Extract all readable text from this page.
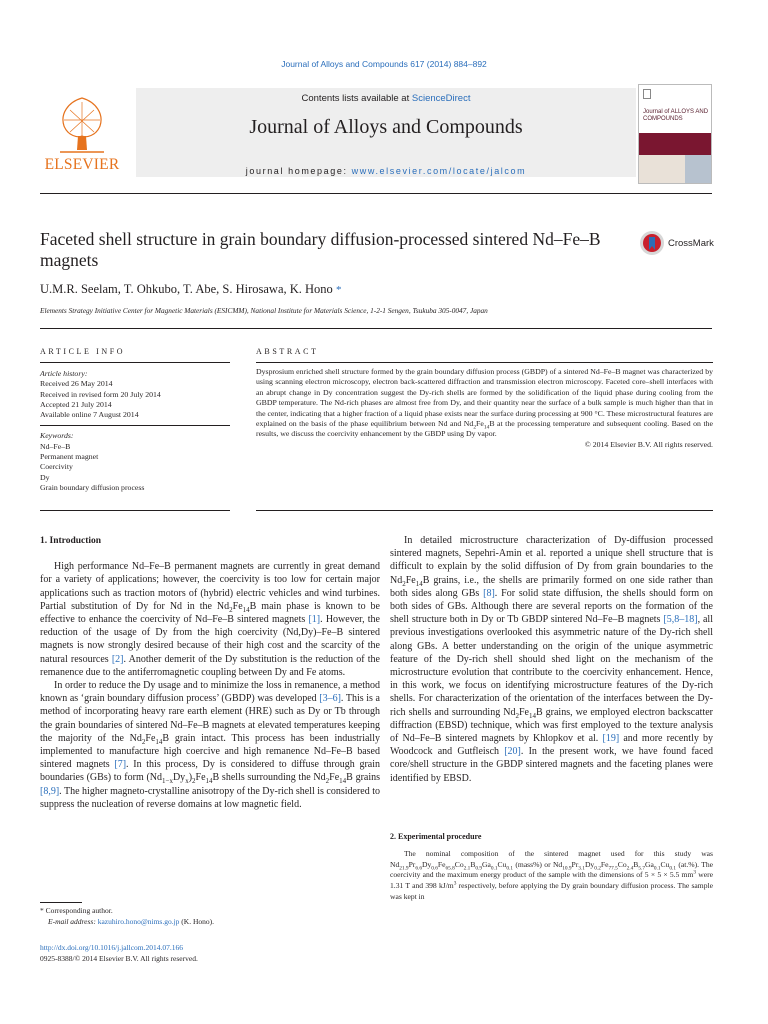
Journal of Alloys and Compounds 617 (2014) 884–892
ELSEVIER
Contents lists available at ScienceDirect
Journal of Alloys and Compounds
journal homepage: www.elsevier.com/locate/jalcom
Journal of ALLOYS AND COMPOUNDS
Faceted shell structure in grain boundary diffusion-processed sintered Nd–Fe–B magnets
CrossMark
U.M.R. Seelam, T. Ohkubo, T. Abe, S. Hirosawa, K. Hono *
Elements Strategy Initiative Center for Magnetic Materials (ESICMM), National Institute for Materials Science, 1-2-1 Sengen, Tsukuba 305-0047, Japan
ARTICLE INFO
Article history:
Received 26 May 2014
Received in revised form 20 July 2014
Accepted 21 July 2014
Available online 7 August 2014
Keywords:
Nd–Fe–B
Permanent magnet
Coercivity
Dy
Grain boundary diffusion process
ABSTRACT
Dysprosium enriched shell structure formed by the grain boundary diffusion process (GBDP) of a sintered Nd–Fe–B magnet was characterized by using scanning electron microscopy, electron back-scattered diffraction and transmission electron microscopy. Faceted core–shell interfaces with an abrupt change in Dy concentration suggest the Dy-rich shells are formed by the solidification of the liquid phase during cooling from the GBDP temperature. The Nd-rich phases are almost free from Dy, and their quantity near the surface of a bulk sample is much higher than that in the center, indicating that a higher fraction of a liquid phase exists near the surface during processing at 900 °C. These microstructural features are explained on the basis of the phase equilibrium between Nd and $Nd_2Fe_{14}B$ at the processing temperature and subsequent cooling. Based on the results, we discuss the coercivity enhancement by the GBDP using Dy vapor.
© 2014 Elsevier B.V. All rights reserved.
1. Introduction

High performance Nd–Fe–B permanent magnets are currently in great demand for a variety of applications; however, the coercivity is too low for certain major applications such as traction motors of (hybrid) electric vehicles and wind turbines. Partial substitution of Dy for Nd in the $Nd_2Fe_{14}B$ main phase is known to be effective to enhance the coercivity of Nd–Fe–B sintered magnets [1]. However, the reduction of the usage of Dy from the high coercivity (Nd,Dy)–Fe–B sintered magnets is now strongly desired because of their high cost and the scarcity of the natural resources [2]. Another demerit of the Dy substitution is the reduction of the remanence due to the antiferromagnetic coupling between Dy and Fe atoms.

In order to reduce the Dy usage and to minimize the loss in remanence, a method known as ‘grain boundary diffusion process’ (GBDP) was developed [3–6]. This is a method of incorporating heavy rare earth element (HRE) such as Dy or Tb through the grain boundaries of sintered Nd–Fe–B magnets at elevated temperatures keeping the majority of the $Nd_2Fe_{14}B$ grain intact. This process has been industrially implemented to manufacture high coercive and high remanence Nd–Fe–B based sintered magnets [7]. In this process, Dy is considered to diffuse through grain boundaries (GBs) to form $(Nd_{1-x}Dy_x)_2Fe_{14}B$ shells surrounding the $Nd_2Fe_{14}B$ grains [8,9]. The higher magneto-crystalline anisotropy of the Dy-rich shell is considered to suppress the nucleation of reverse domains at low magnetic field.

In detailed microstructure characterization of Dy-diffusion processed sintered magnets, Sepehri-Amin et al. reported a unique shell structure that is difficult to explain by the solid diffusion of Dy from grain boundaries to the $Nd_2Fe_{14}B$ grains, i.e., the shells are primarily formed on one side rather than both sides along GBs [8]. For solid state diffusion, the shells should form on both sides of GBs. Although there are several reports on the formation of the shell structure both in Dy or Tb GBDP sintered Nd–Fe–B magnets [5,8–18], all previous investigations overlooked this asymmetric nature of the Dy-rich shell along GBs. A better understanding on the origin of the unique asymmetric feature of the Dy-rich shell should shed light on the mechanism of the microstructure evolution that contribute to the coercivity enhancement. Hence, in this work, we focus on identifying microstructure features of the Dy-rich shells. For characterization of the orientation of the interfaces between the Dy-rich shells and surrounding $Nd_2Fe_{14}B$ grains, we employed electron backscatter diffraction (EBSD) technique, which was first employed to the texture analysis of Nd–Fe–B sintered magnets by Khlopkov et al. [19] and more recently by Woodcock and Gutfleisch [20]. In the present work, we have found faced core/shell structure in the GBDP sintered magnets and the faceting planes were identified by EBSD.

2. Experimental procedure

The nominal composition of the sintered magnet used for this study was $Nd_{21.9}Pr_{6.6}Dy_{0.6}Fe_{65.8}Co_{2.1}B_{0.9}Ga_{0.1}Cu_{0.1}$ (mass%) or $Nd_{10.9}Pr_{3.1}Dy_{0.2}Fe_{77.5}Co_{2.4}B_{5.7}Ga_{0.1}Cu_{0.1}$ (at.%). The coercivity and the maximum energy product of the sample with the dimensions of 5 × 5 × 5.5 $mm^3$ were 1.31 T and 398 $kJ/m^3$ respectively, before applying the Dy grain boundary diffusion process. The sample was kept in

* Corresponding author.
E-mail address: kazuhiro.hono@nims.go.jp (K. Hono).
http://dx.doi.org/10.1016/j.jallcom.2014.07.166
0925-8388/© 2014 Elsevier B.V. All rights reserved.
